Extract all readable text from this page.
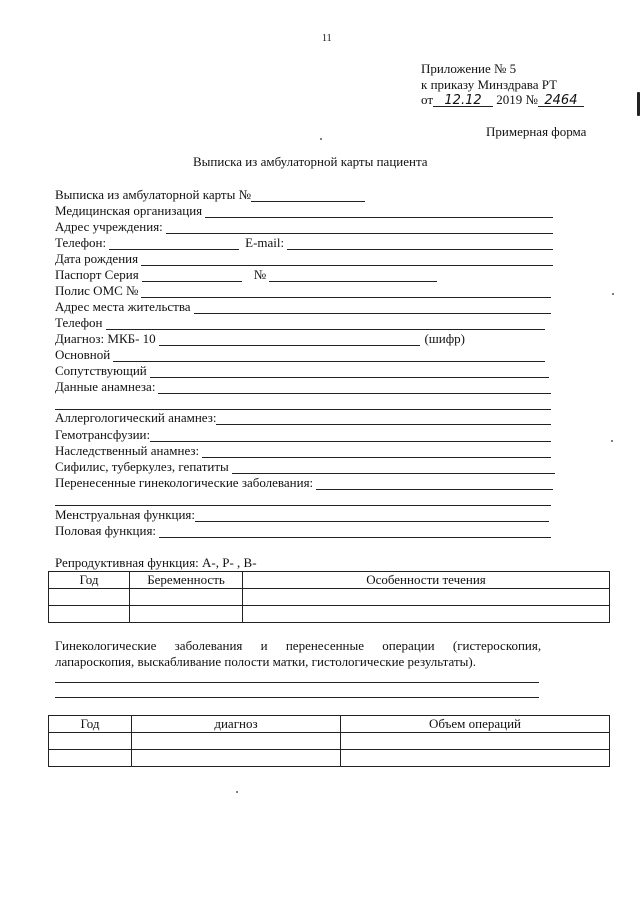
11
Приложение № 5
к приказу Минздрава РТ
от 12.12 2019 № 2464
Примерная форма
Выписка из амбулаторной карты пациента
Выписка из амбулаторной карты №
Медицинская организация
Адрес учреждения:
Телефон:	E-mail:
Дата рождения
Паспорт Серия	№
Полис ОМС №
Адрес места жительства
Телефон
Диагноз: МКБ- 10	(шифр)
Основной
Сопутствующий
Данные анамнеза:
Аллергологический анамнез:
Гемотрансфузии:
Наследственный анамнез:
Сифилис, туберкулез, гепатиты
Перенесенные гинекологические заболевания:
Менструальная функция:
Половая функция:
Репродуктивная функция: А-, Р- , В-
Год	Беременность	Особенности течения

Гинекологические заболевания и перенесенные операции (гистероскопия,
лапароскопия, выскабливание полости матки, гистологические результаты).
Год	диагноз	Объем операций
